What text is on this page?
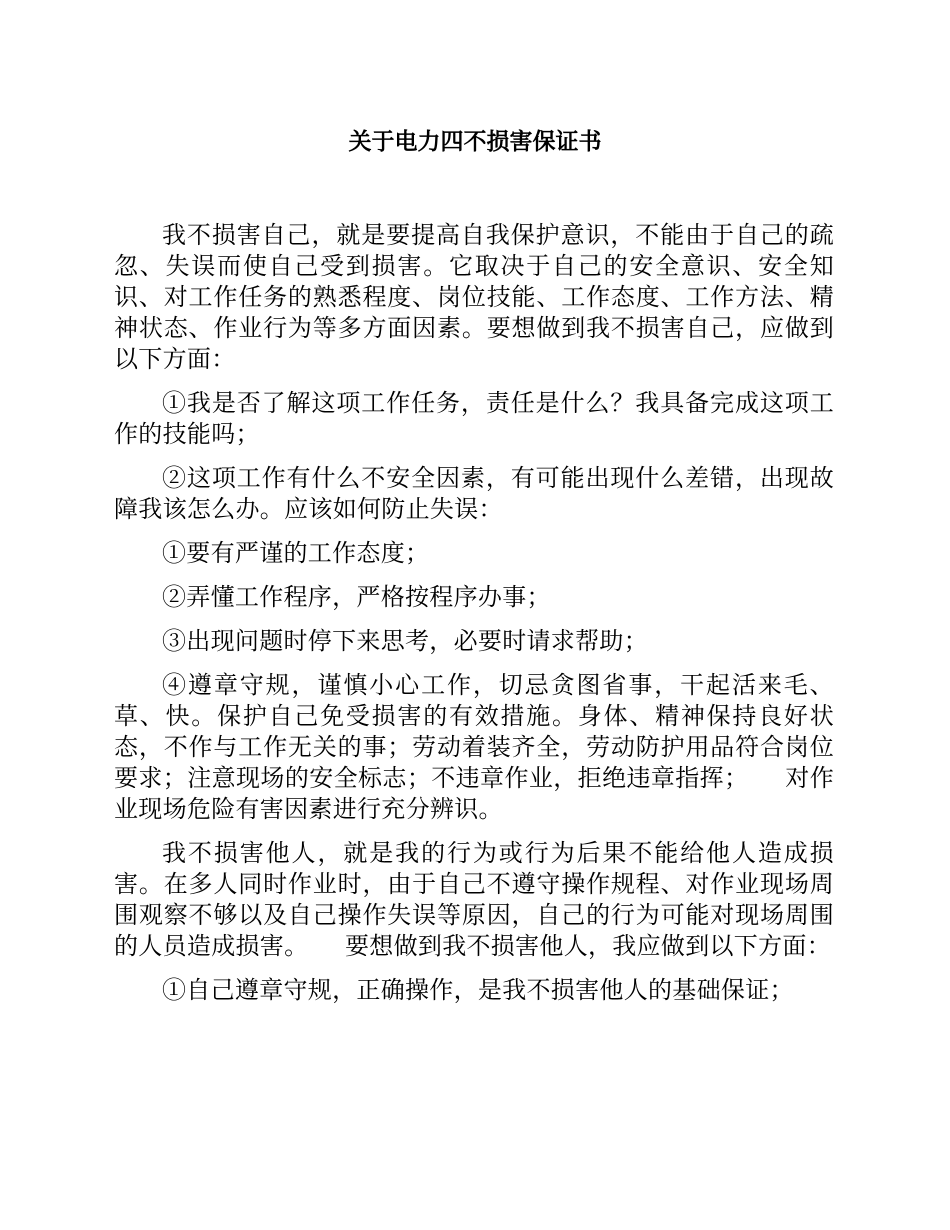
关于电力四不损害保证书

我不损害自己，就是要提高自我保护意识，不能由于自己的疏忽、失误而使自己受到损害。它取决于自己的安全意识、安全知识、对工作任务的熟悉程度、岗位技能、工作态度、工作方法、精神状态、作业行为等多方面因素。要想做到我不损害自己，应做到以下方面：

①我是否了解这项工作任务，责任是什么？我具备完成这项工作的技能吗；

②这项工作有什么不安全因素，有可能出现什么差错，出现故障我该怎么办。应该如何防止失误：

①要有严谨的工作态度；

②弄懂工作程序，严格按程序办事；

③出现问题时停下来思考，必要时请求帮助；

④遵章守规，谨慎小心工作，切忌贪图省事，干起活来毛、草、快。保护自己免受损害的有效措施。身体、精神保持良好状态，不作与工作无关的事；劳动着装齐全，劳动防护用品符合岗位要求；注意现场的安全标志；不违章作业，拒绝违章指挥；　　对作业现场危险有害因素进行充分辨识。

我不损害他人，就是我的行为或行为后果不能给他人造成损害。在多人同时作业时，由于自己不遵守操作规程、对作业现场周围观察不够以及自己操作失误等原因，自己的行为可能对现场周围的人员造成损害。　　要想做到我不损害他人，我应做到以下方面：

①自己遵章守规，正确操作，是我不损害他人的基础保证；
